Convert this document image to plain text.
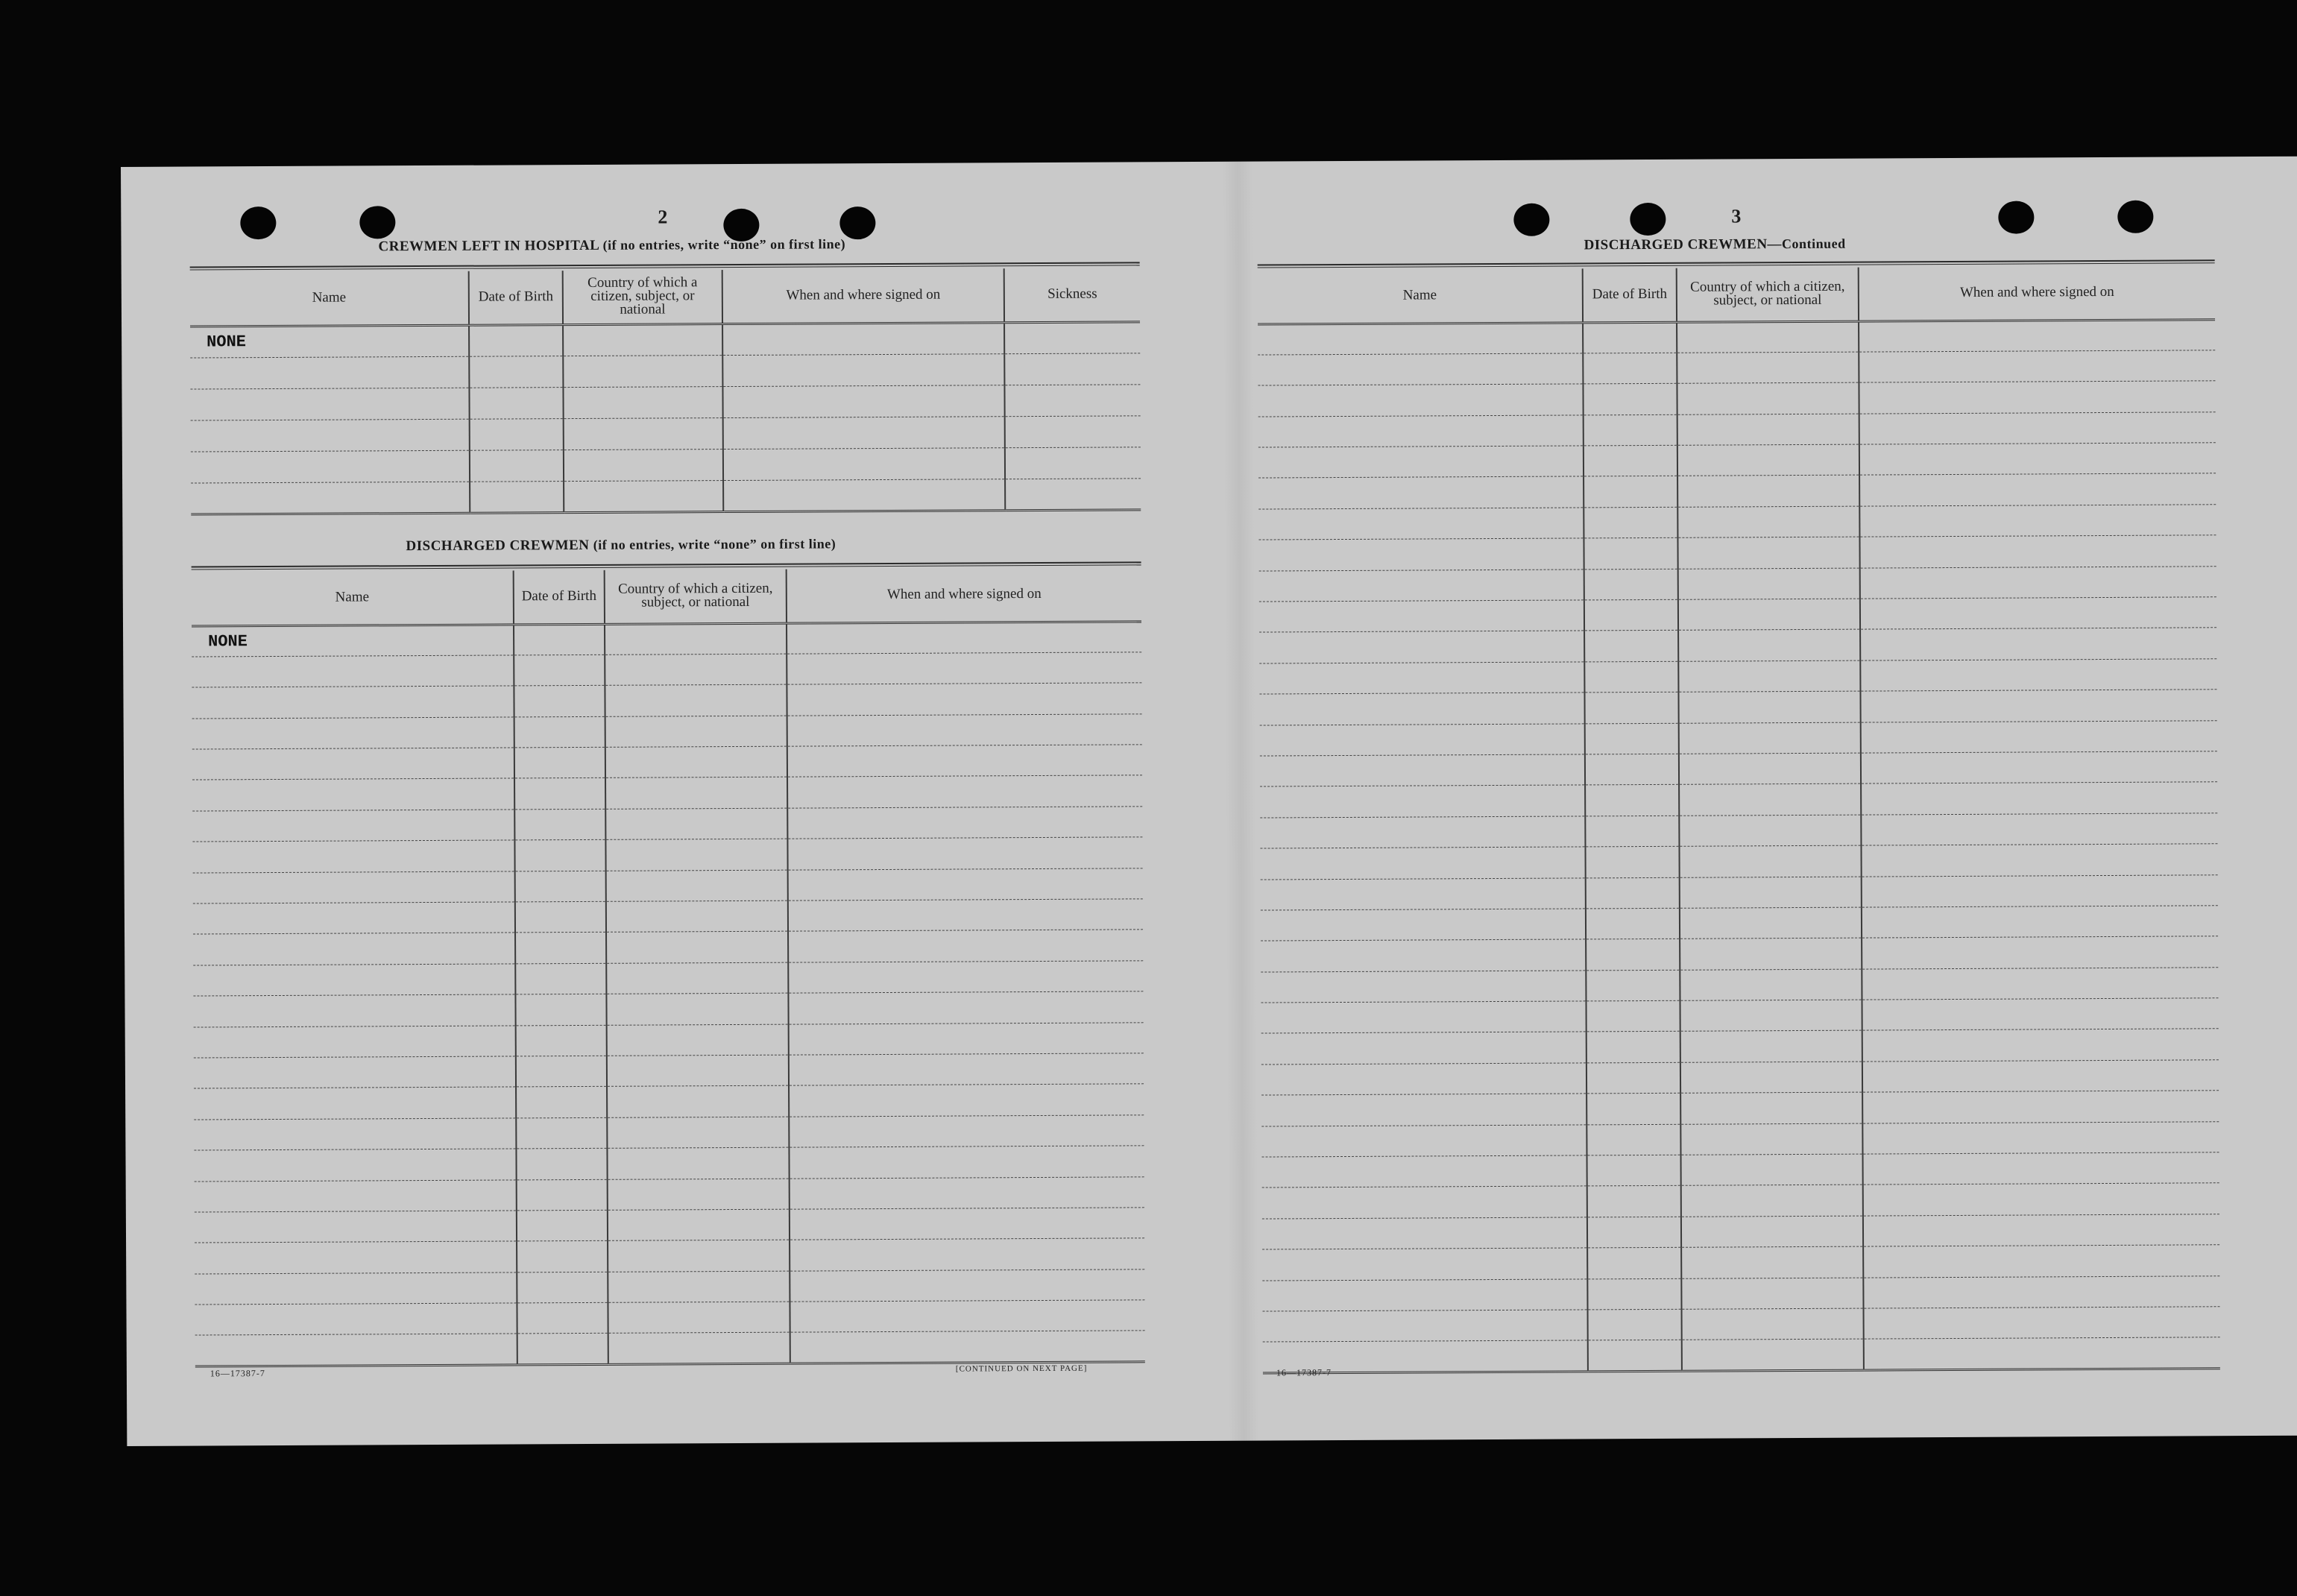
2
CREWMEN LEFT IN HOSPITAL (if no entries, write “none” on first line)
Name	Date of Birth	Country of which a citizen, subject, or national	When and where signed on	Sickness
NONE				

DISCHARGED CREWMEN (if no entries, write “none” on first line)
Name	Date of Birth	Country of which a citizen, subject, or national	When and where signed on
NONE			

16—17387-7	[CONTINUED ON NEXT PAGE]
3
DISCHARGED CREWMEN—Continued
Name	Date of Birth	Country of which a citizen, subject, or national	When and where signed on

16—17387-7
